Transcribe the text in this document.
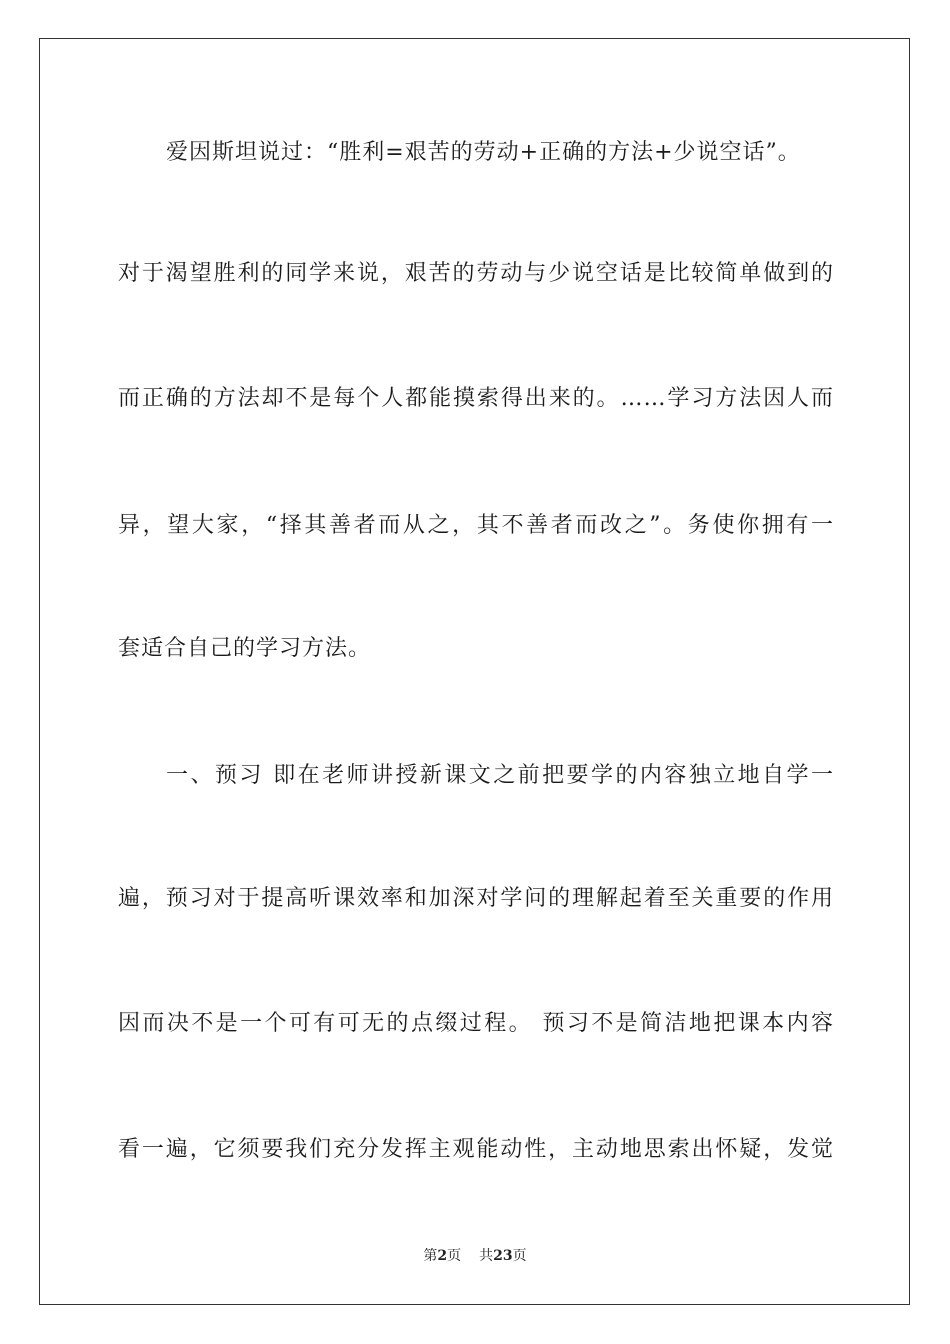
爱因斯坦说过：“胜利=艰苦的劳动+正确的方法+少说空话”。
对于渴望胜利的同学来说，艰苦的劳动与少说空话是比较简单做到的
而正确的方法却不是每个人都能摸索得出来的。……学习方法因人而
异，望大家，“择其善者而从之，其不善者而改之”。务使你拥有一
套适合自己的学习方法。
一、预习 即在老师讲授新课文之前把要学的内容独立地自学一
遍，预习对于提高听课效率和加深对学问的理解起着至关重要的作用
因而决不是一个可有可无的点缀过程。 预习不是简洁地把课本内容
看一遍，它须要我们充分发挥主观能动性，主动地思索出怀疑，发觉
第2页 共23页
